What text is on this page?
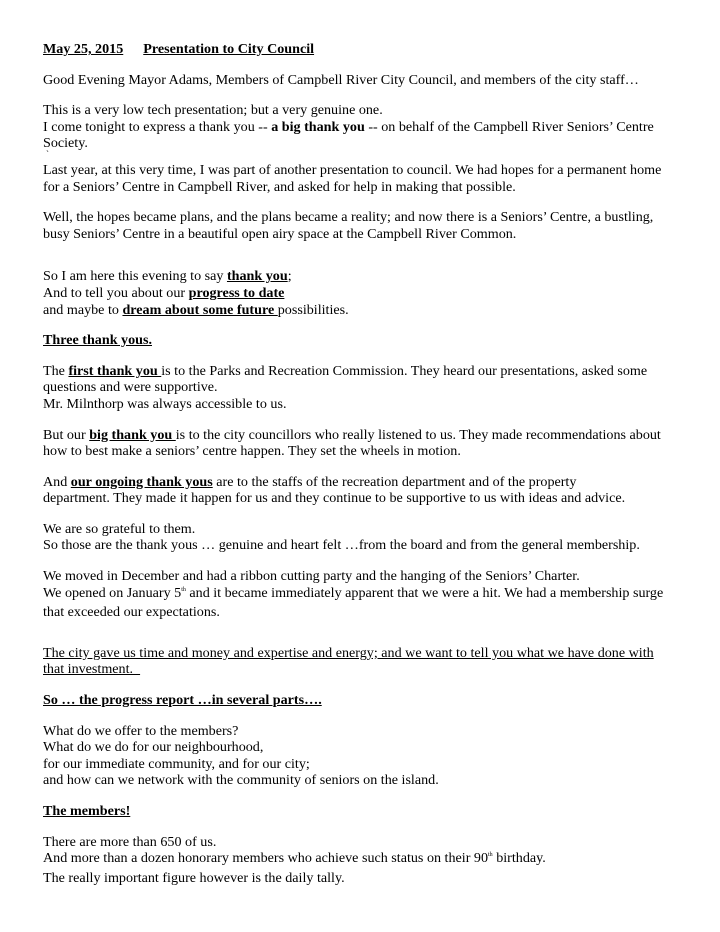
May 25, 2015 Presentation to City Council

Good Evening Mayor Adams, Members of Campbell River City Council, and members of the city staff…

This is a very low tech presentation; but a very genuine one.
I come tonight to express a thank you -- a big thank you -- on behalf of the Campbell River Seniors’ Centre
Society.
`

Last year, at this very time, I was part of another presentation to council. We had hopes for a permanent home
for a Seniors’ Centre in Campbell River, and asked for help in making that possible.

Well, the hopes became plans, and the plans became a reality; and now there is a Seniors’ Centre, a bustling,
busy Seniors’ Centre in a beautiful open airy space at the Campbell River Common.

So I am here this evening to say thank you;
And to tell you about our progress to date
and maybe to dream about some future possibilities.

Three thank yous.

The first thank you is to the Parks and Recreation Commission. They heard our presentations, asked some
questions and were supportive.
Mr. Milnthorp was always accessible to us.

But our big thank you is to the city councillors who really listened to us. They made recommendations about
how to best make a seniors’ centre happen. They set the wheels in motion.

And our ongoing thank yous are to the staffs of the recreation department and of the property
department. They made it happen for us and they continue to be supportive to us with ideas and advice.

We are so grateful to them.
So those are the thank yous … genuine and heart felt …from the board and from the general membership.

We moved in December and had a ribbon cutting party and the hanging of the Seniors’ Charter.
We opened on January 5th and it became immediately apparent that we were a hit. We had a membership surge
that exceeded our expectations.

The city gave us time and money and expertise and energy; and we want to tell you what we have done with
that investment.

So … the progress report …in several parts….

What do we offer to the members?
What do we do for our neighbourhood,
for our immediate community, and for our city;
and how can we network with the community of seniors on the island.

The members!

There are more than 650 of us.
And more than a dozen honorary members who achieve such status on their 90th birthday.
The really important figure however is the daily tally.
